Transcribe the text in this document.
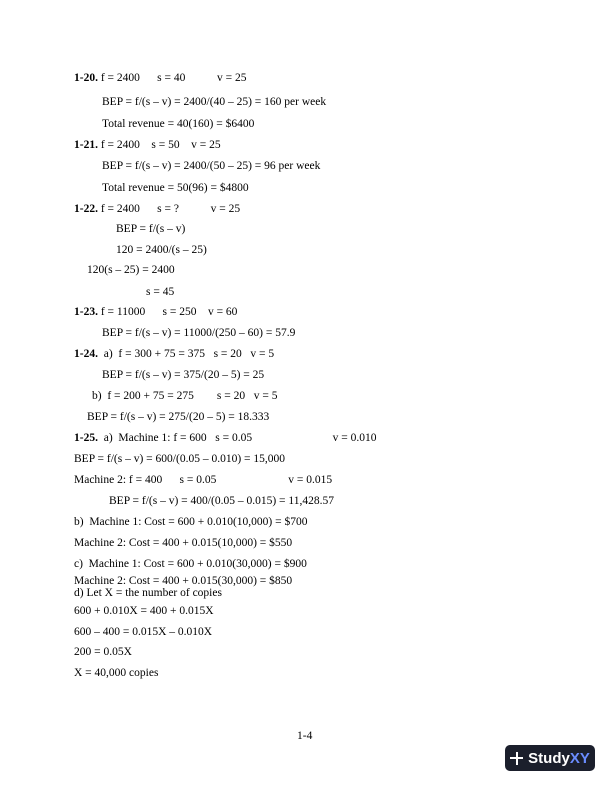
1-20. f = 2400      s = 40           v = 25
BEP = f/(s – v) = 2400/(40 – 25) = 160 per week
Total revenue = 40(160) = $6400
1-21. f = 2400    s = 50    v = 25
BEP = f/(s – v) = 2400/(50 – 25) = 96 per week
Total revenue = 50(96) = $4800
1-22. f = 2400      s = ?           v = 25
BEP = f/(s – v)
120 = 2400/(s – 25)
120(s – 25) = 2400
s = 45
1-23. f = 11000      s = 250    v = 60
BEP = f/(s – v) = 11000/(250 – 60) = 57.9
1-24.  a)  f = 300 + 75 = 375   s = 20   v = 5
BEP = f/(s – v) = 375/(20 – 5) = 25
b)  f = 200 + 75 = 275        s = 20   v = 5
BEP = f/(s – v) = 275/(20 – 5) = 18.333
1-25.  a)  Machine 1: f = 600   s = 0.05                            v = 0.010
BEP = f/(s – v) = 600/(0.05 – 0.010) = 15,000
Machine 2: f = 400      s = 0.05                         v = 0.015
BEP = f/(s – v) = 400/(0.05 – 0.015) = 11,428.57
b)  Machine 1: Cost = 600 + 0.010(10,000) = $700
Machine 2: Cost = 400 + 0.015(10,000) = $550
c)  Machine 1: Cost = 600 + 0.010(30,000) = $900
Machine 2: Cost = 400 + 0.015(30,000) = $850
d) Let X = the number of copies
600 + 0.010X = 400 + 0.015X
600 – 400 = 0.015X – 0.010X
200 = 0.05X
X = 40,000 copies
1-4
StudyXY
